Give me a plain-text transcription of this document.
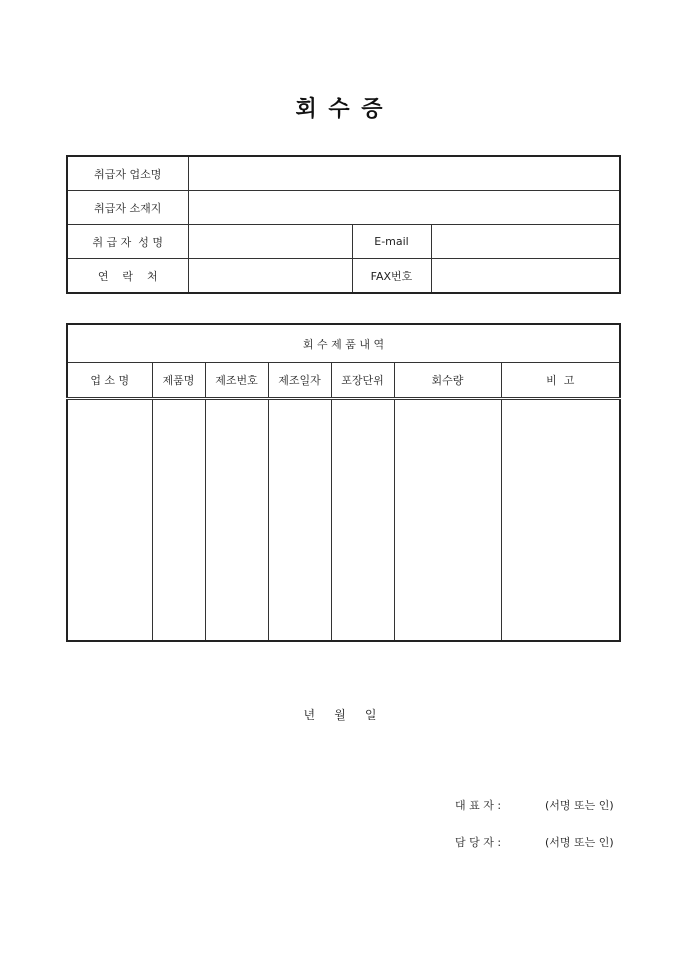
회 수 증
취급자 업소명			
취급자 소재지			
취 급 자  성 명		E-mail	
연    락    처		FAX번호	
회 수 제 품 내 역						
업 소 명	제품명	제조번호	제조일자	포장단위	회수량	비  고

년     월     일
대 표 자 :	(서명 또는 인)
담 당 자 :	(서명 또는 인)
